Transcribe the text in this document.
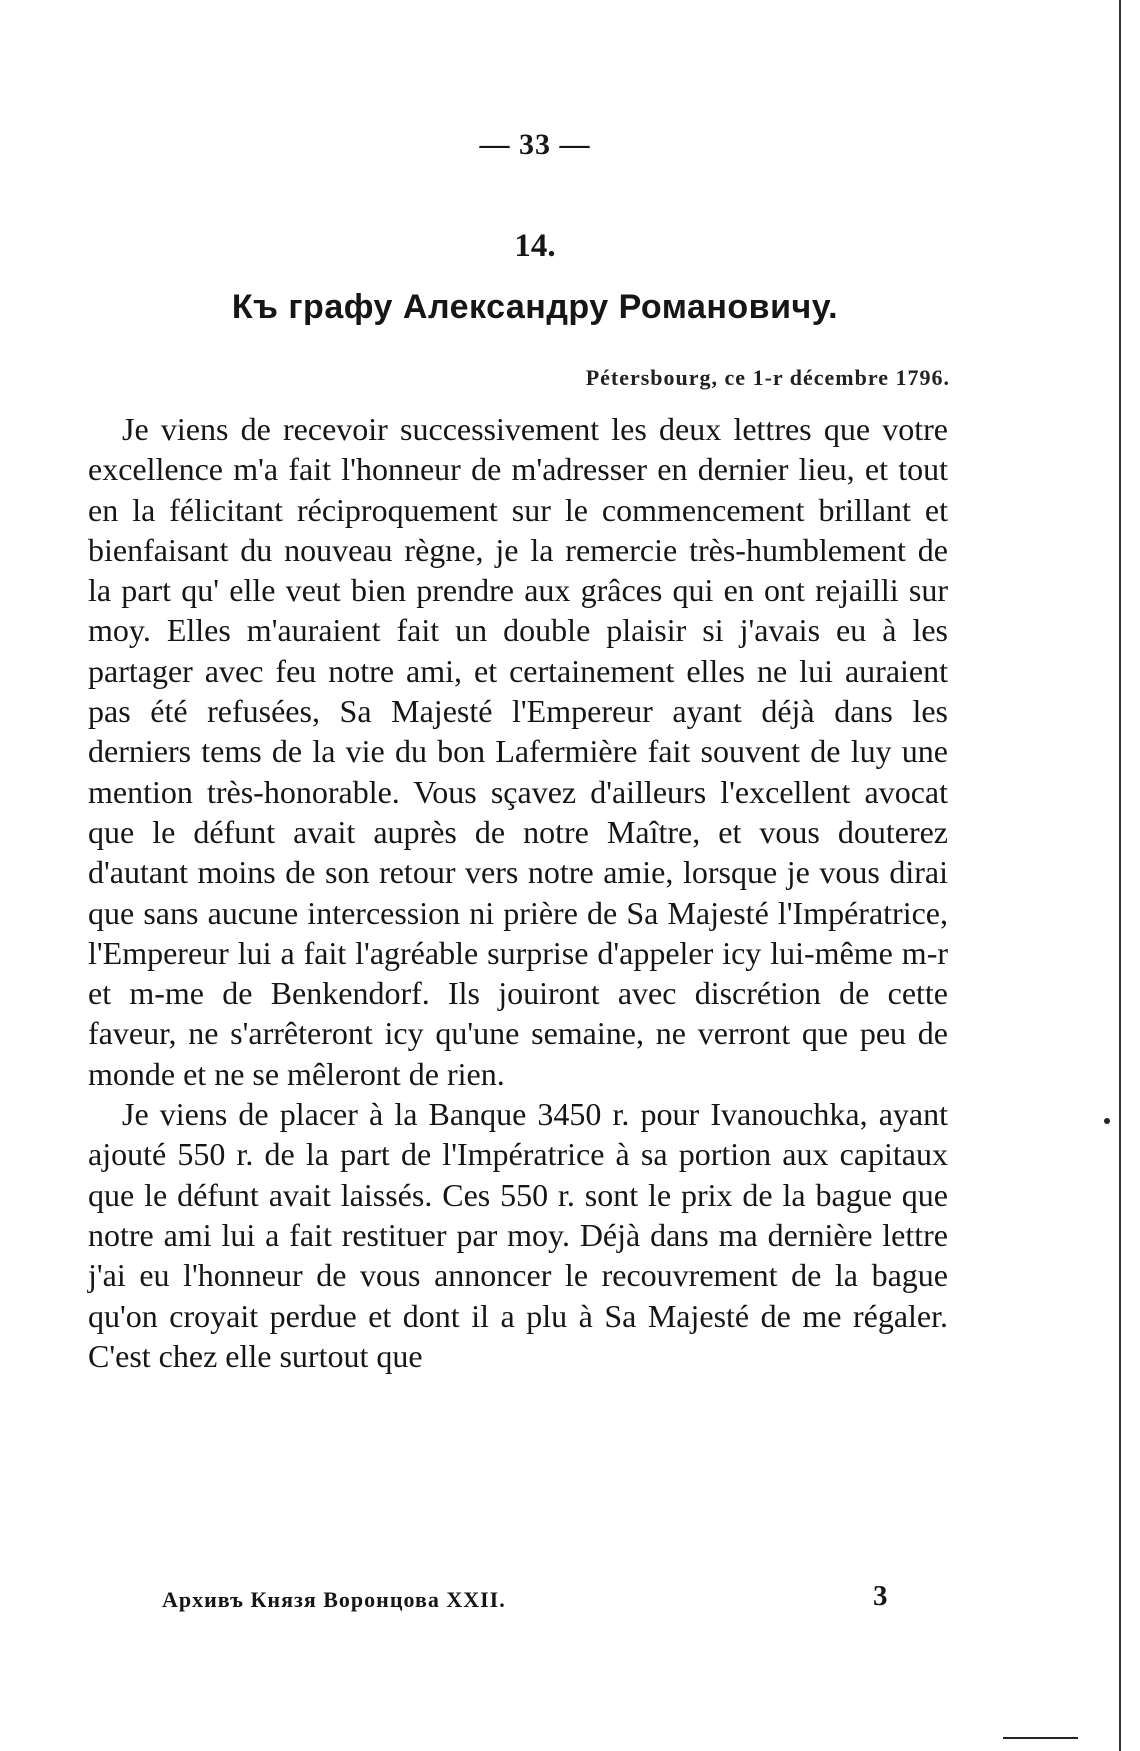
— 33 —
14.
Къ графу Александру Романовичу.
Pétersbourg, ce 1-r décembre 1796.

Je viens de recevoir successivement les deux lettres que votre excellence m'a fait l'honneur de m'adresser en dernier lieu, et tout en la félicitant réciproquement sur le commencement brillant et bienfaisant du nouveau règne, je la remercie très-humblement de la part qu' elle veut bien prendre aux grâces qui en ont rejailli sur moy. Elles m'auraient fait un double plaisir si j'avais eu à les partager avec feu notre ami, et certainement elles ne lui auraient pas été refusées, Sa Majesté l'Empereur ayant déjà dans les derniers tems de la vie du bon Lafermière fait souvent de luy une mention très-honorable. Vous sçavez d'ailleurs l'excellent avocat que le défunt avait auprès de notre Maître, et vous douterez d'autant moins de son retour vers notre amie, lorsque je vous dirai que sans aucune intercession ni prière de Sa Majesté l'Impératrice, l'Empereur lui a fait l'agréable surprise d'appeler icy lui-même m-r et m-me de Benkendorf. Ils jouiront avec discrétion de cette faveur, ne s'arrêteront icy qu'une semaine, ne verront que peu de monde et ne se mêleront de rien.

Je viens de placer à la Banque 3450 r. pour Ivanouchka, ayant ajouté 550 r. de la part de l'Impératrice à sa portion aux capitaux que le défunt avait laissés. Ces 550 r. sont le prix de la bague que notre ami lui a fait restituer par moy. Déjà dans ma dernière lettre j'ai eu l'honneur de vous annoncer le recouvrement de la bague qu'on croyait perdue et dont il a plu à Sa Majesté de me régaler. C'est chez elle surtout que

Архивъ Князя Воронцова XXII.	3
